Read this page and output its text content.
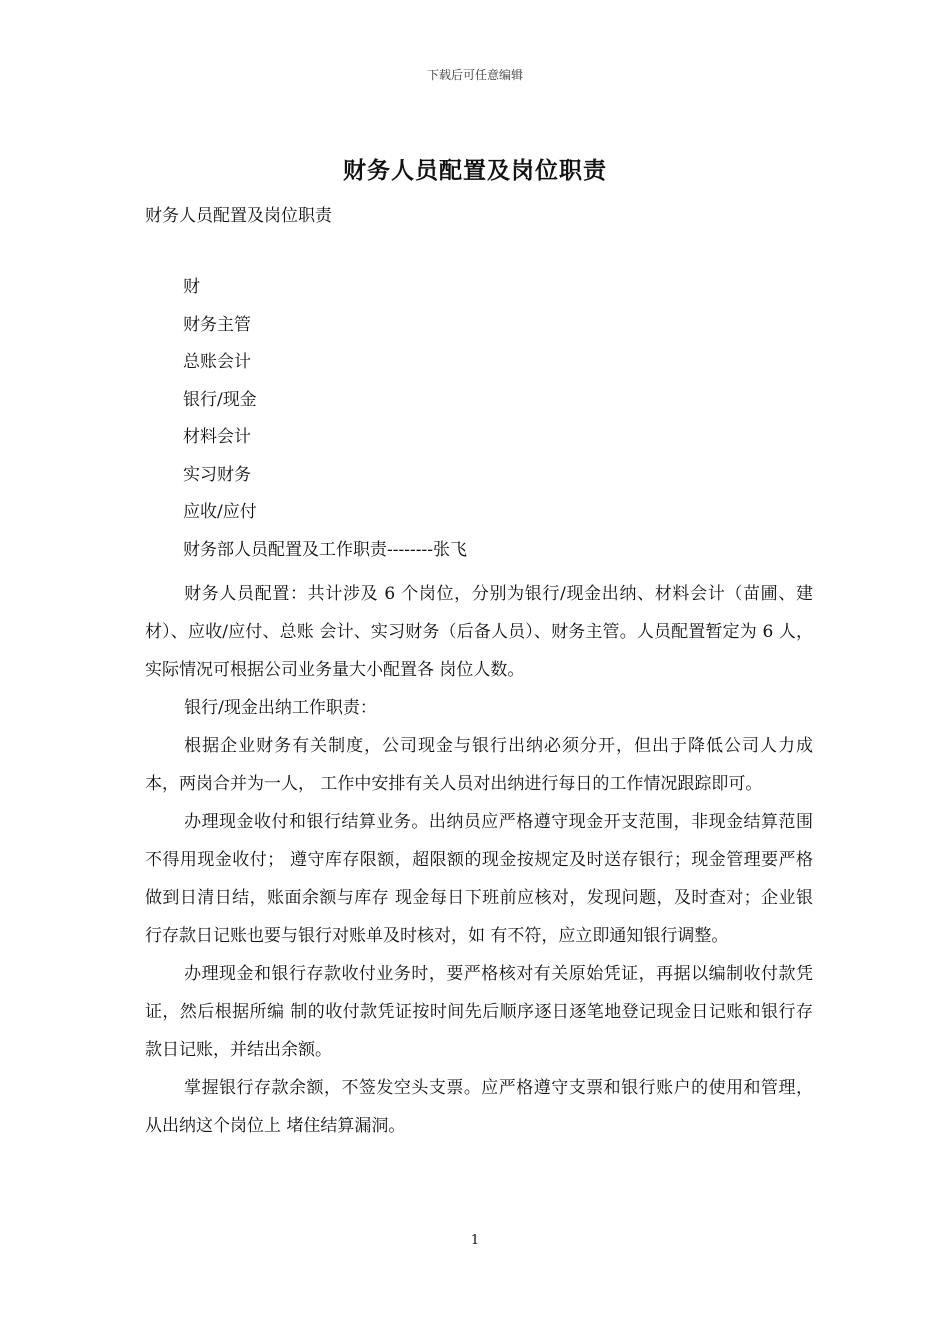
下载后可任意编辑
财务人员配置及岗位职责
财务人员配置及岗位职责
财
财务主管
总账会计
银行/现金
材料会计
实习财务
应收/应付
财务部人员配置及工作职责--------张飞

财务人员配置：共计涉及 6 个岗位，分别为银行/现金出纳、材料会计（苗圃、建材）、应收/应付、总账 会计、实习财务（后备人员）、财务主管。人员配置暂定为 6 人，实际情况可根据公司业务量大小配置各 岗位人数。

银行/现金出纳工作职责：

根据企业财务有关制度，公司现金与银行出纳必须分开，但出于降低公司人力成本，两岗合并为一人， 工作中安排有关人员对出纳进行每日的工作情况跟踪即可。

办理现金收付和银行结算业务。出纳员应严格遵守现金开支范围，非现金结算范围不得用现金收付； 遵守库存限额，超限额的现金按规定及时送存银行；现金管理要严格做到日清日结，账面余额与库存 现金每日下班前应核对，发现问题，及时查对；企业银行存款日记账也要与银行对账单及时核对，如 有不符，应立即通知银行调整。

办理现金和银行存款收付业务时，要严格核对有关原始凭证，再据以编制收付款凭证，然后根据所编 制的收付款凭证按时间先后顺序逐日逐笔地登记现金日记账和银行存款日记账，并结出余额。

掌握银行存款余额，不签发空头支票。应严格遵守支票和银行账户的使用和管理，从出纳这个岗位上 堵住结算漏洞。

1
